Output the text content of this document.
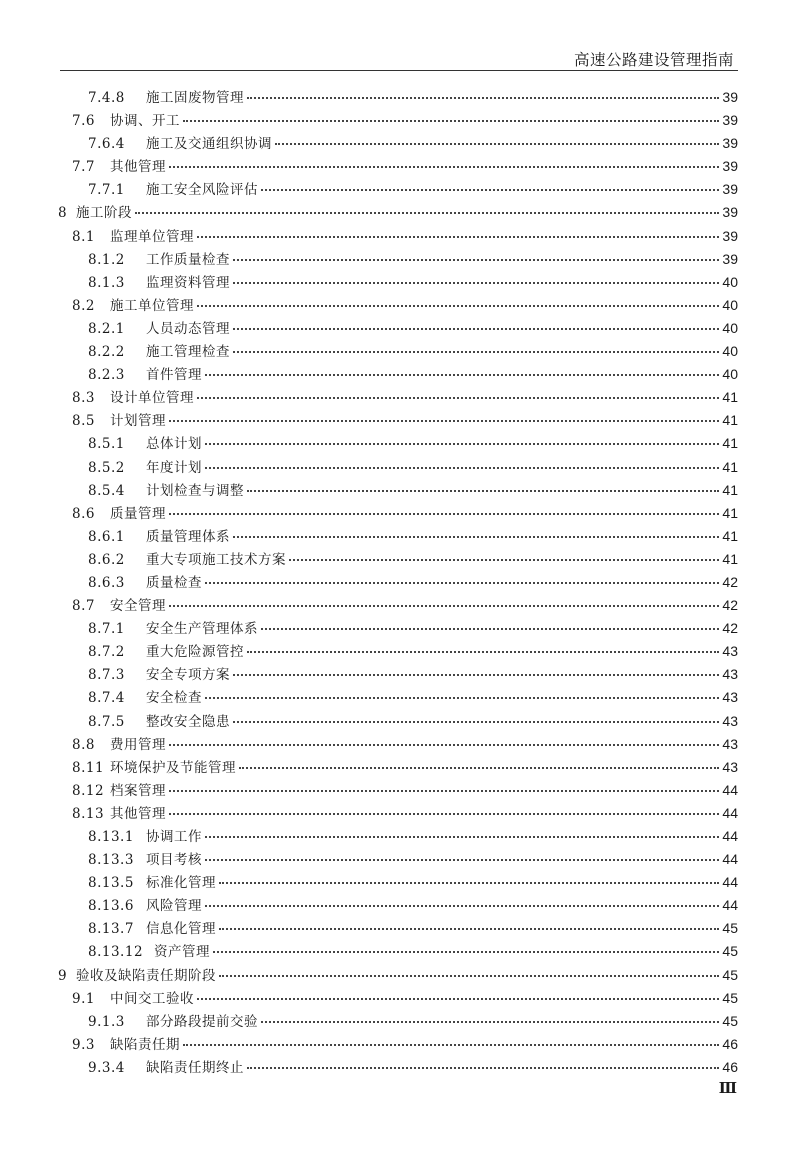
高速公路建设管理指南
7.4.8	施工固废物管理	39
7.6	协调、开工	39
7.6.4	施工及交通组织协调	39
7.7	其他管理	39
7.7.1	施工安全风险评估	39
8 施工阶段	39
8.1	监理单位管理	39
8.1.2	工作质量检查	39
8.1.3	监理资料管理	40
8.2	施工单位管理	40
8.2.1	人员动态管理	40
8.2.2	施工管理检查	40
8.2.3	首件管理	40
8.3	设计单位管理	41
8.5	计划管理	41
8.5.1	总体计划	41
8.5.2	年度计划	41
8.5.4	计划检查与调整	41
8.6	质量管理	41
8.6.1	质量管理体系	41
8.6.2	重大专项施工技术方案	41
8.6.3	质量检查	42
8.7	安全管理	42
8.7.1	安全生产管理体系	42
8.7.2	重大危险源管控	43
8.7.3	安全专项方案	43
8.7.4	安全检查	43
8.7.5	整改安全隐患	43
8.8	费用管理	43
8.11 环境保护及节能管理	43
8.12 档案管理	44
8.13 其他管理	44
8.13.1 协调工作	44
8.13.3 项目考核	44
8.13.5 标准化管理	44
8.13.6 风险管理	44
8.13.7 信息化管理	45
8.13.12 资产管理	45
9 验收及缺陷责任期阶段	45
9.1	中间交工验收	45
9.1.3	部分路段提前交验	45
9.3	缺陷责任期	46
9.3.4	缺陷责任期终止	46
Ⅲ
